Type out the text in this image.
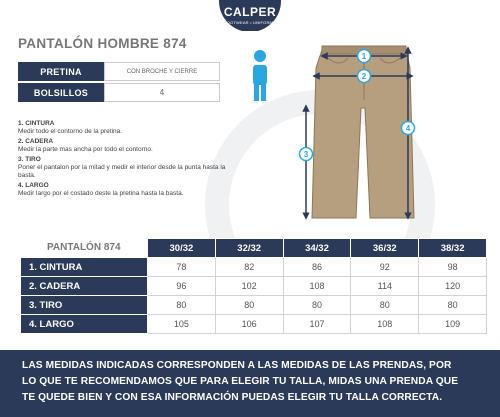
CALPER
FOOTWEAR • UNIFORMS
PANTALÓN HOMBRE 874
PRETINA	CON BROCHE Y CIERRE
BOLSILLOS	4
1. CINTURA
Medir todo el contorno de la pretina.
2. CADERA
Medir la parte mas ancha por todo el contorno.
3. TIRO
Poner el pantalon por la mitad y medir el interior desde la punta hasta la basta.
4. LARGO
Medir largo por el costado deste la pretina hasta la basta.
1
2
3
4
PANTALÓN 874	30/32	32/32	34/32	36/32	38/32
1. CINTURA	78	82	86	92	98
2. CADERA	96	102	108	114	120
3. TIRO	80	80	80	80	80
4. LARGO	105	106	107	108	109
LAS MEDIDAS INDICADAS CORRESPONDEN A LAS MEDIDAS DE LAS PRENDAS, POR
LO QUE TE RECOMENDAMOS QUE PARA ELEGIR TU TALLA, MIDAS UNA PRENDA QUE
TE QUEDE BIEN Y CON ESA INFORMACIÓN PUEDAS ELEGIR TU TALLA CORRECTA.
